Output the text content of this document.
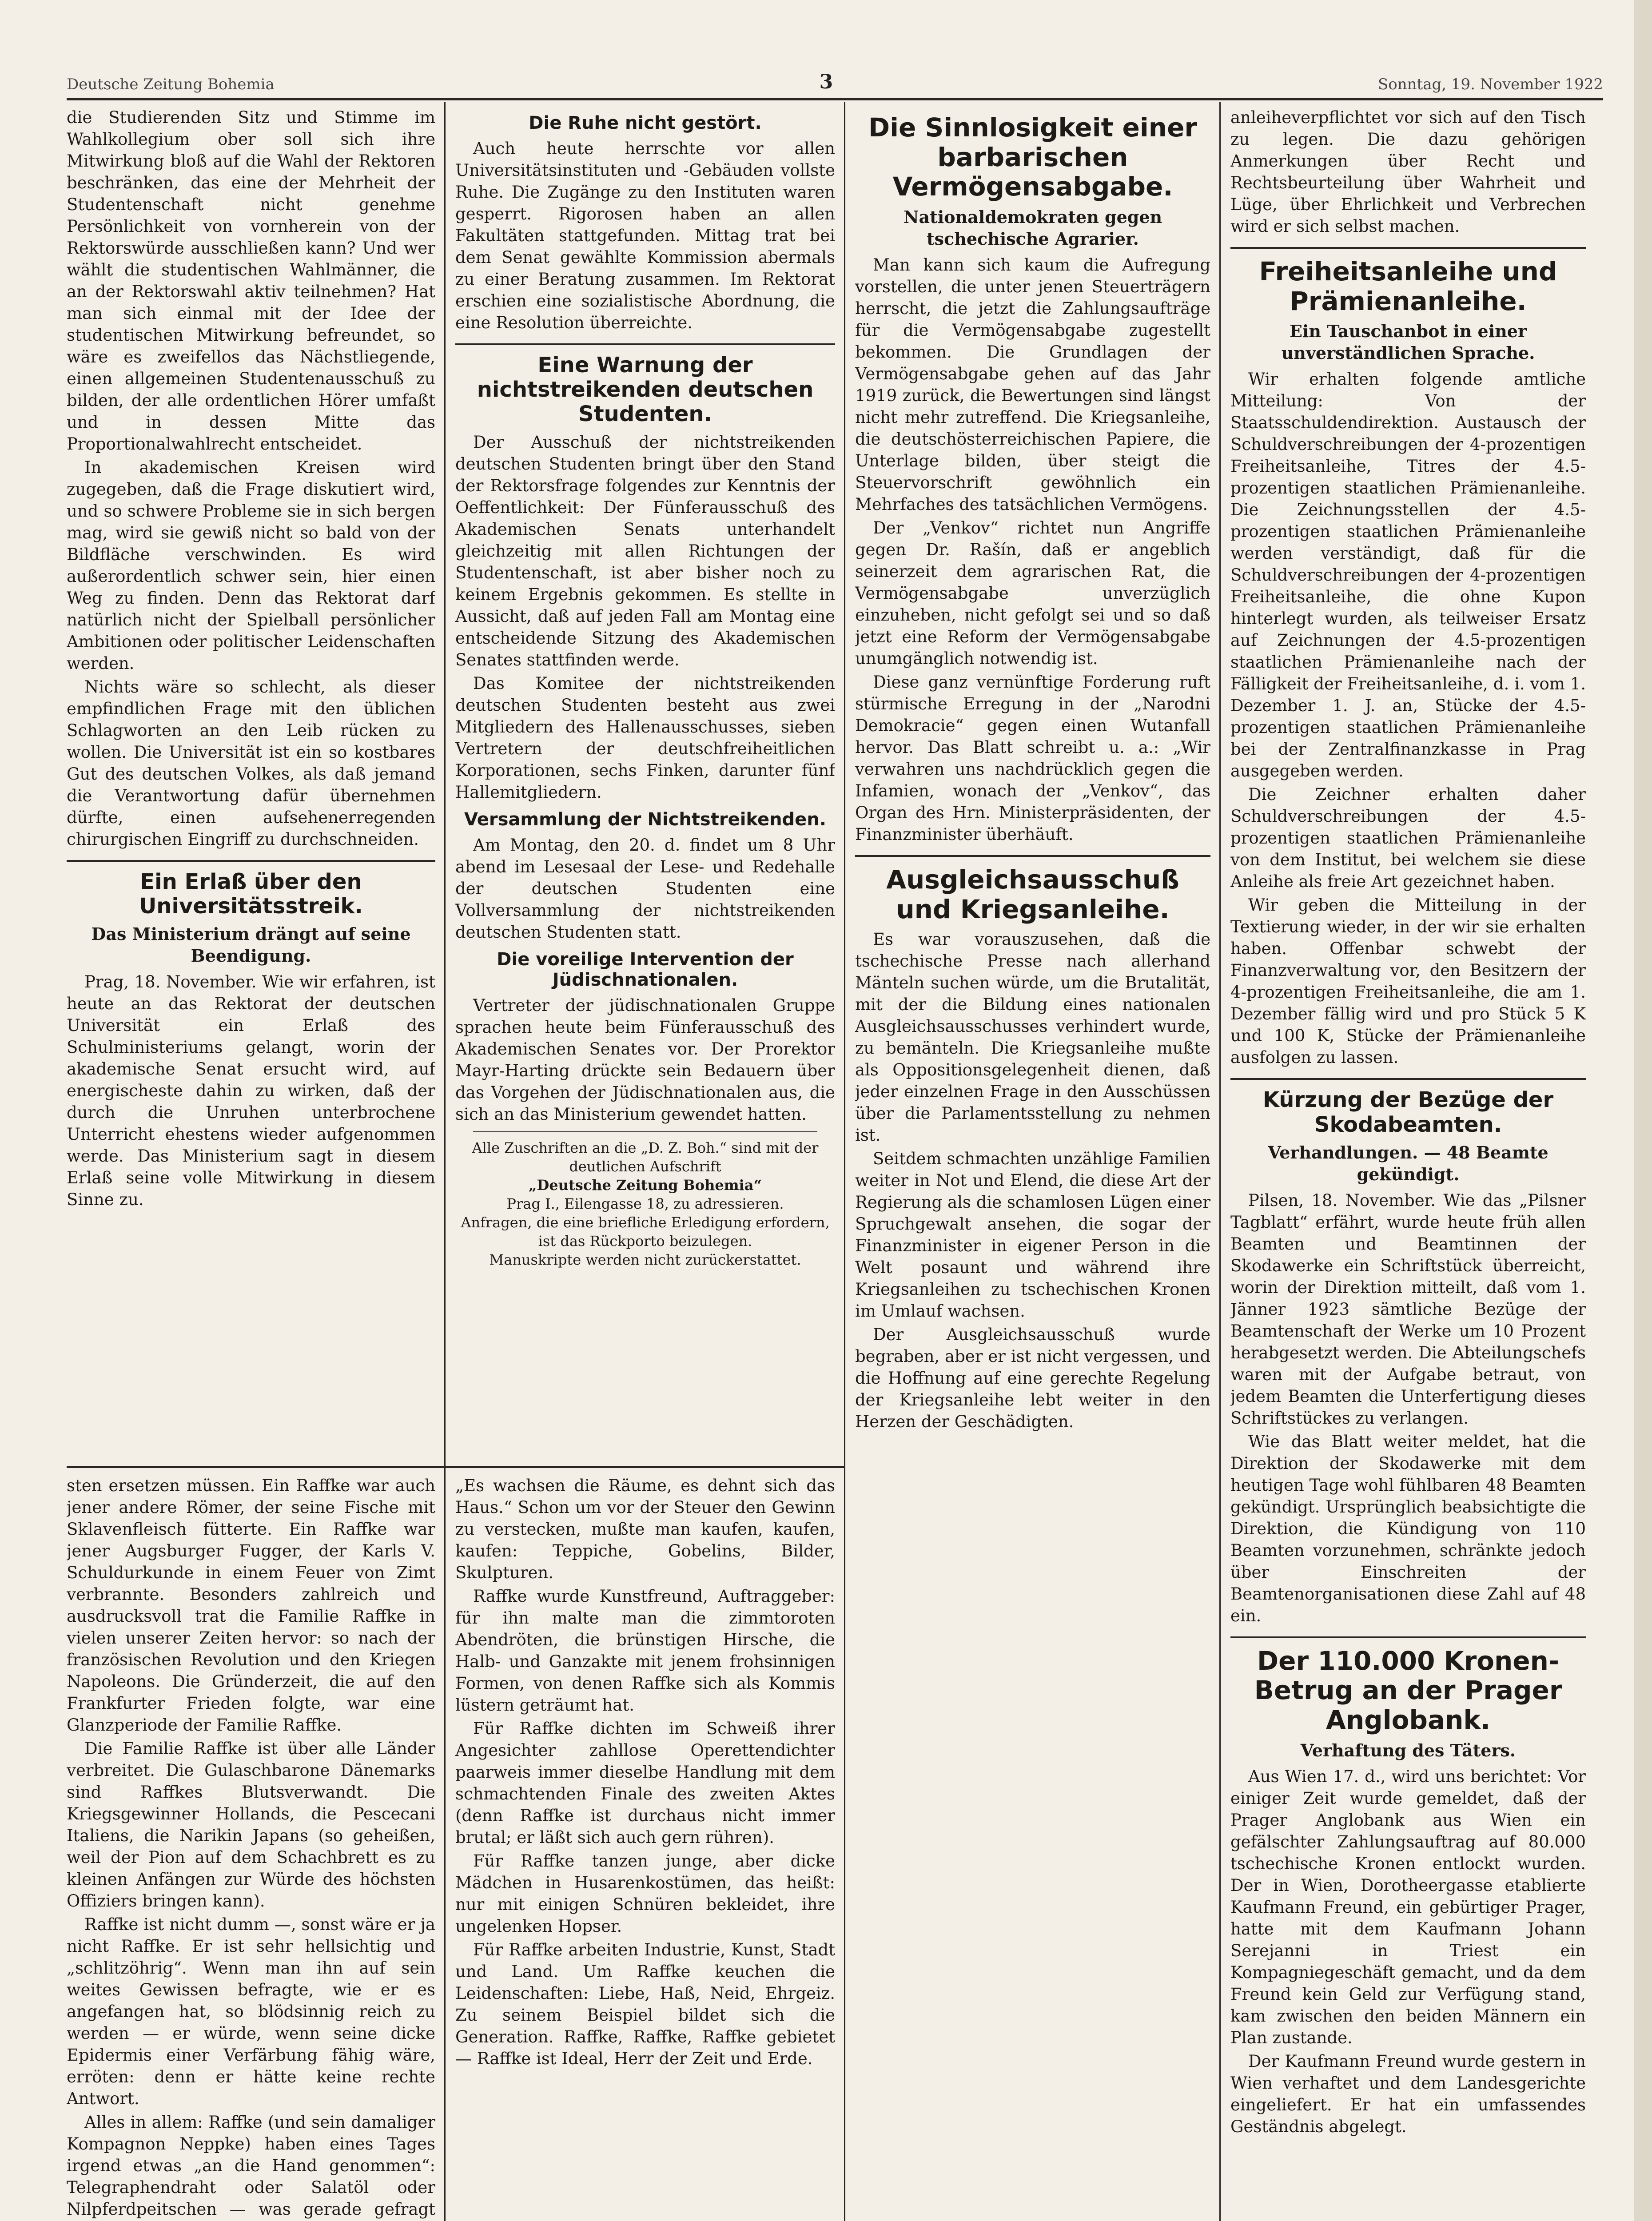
Deutsche Zeitung Bohemia	3	Sonntag, 19. November 1922

die Studierenden Sitz und Stimme im Wahlkollegium ober soll sich ihre Mitwirkung bloß auf die Wahl der Rektoren beschränken, das eine der Mehrheit der Studentenschaft nicht genehme Persönlichkeit von vornherein von der Rektorswürde ausschließen kann? Und wer wählt die studentischen Wahlmänner, die an der Rektorswahl aktiv teilnehmen? Hat man sich einmal mit der Idee der studentischen Mitwirkung befreundet, so wäre es zweifellos das Nächstliegende, einen allgemeinen Studentenausschuß zu bilden, der alle ordentlichen Hörer umfaßt und in dessen Mitte das Proportionalwahlrecht entscheidet.

In akademischen Kreisen wird zugegeben, daß die Frage diskutiert wird, und so schwere Probleme sie in sich bergen mag, wird sie gewiß nicht so bald von der Bildfläche verschwinden. Es wird außerordentlich schwer sein, hier einen Weg zu finden. Denn das Rektorat darf natürlich nicht der Spielball persönlicher Ambitionen oder politischer Leidenschaften werden.

Nichts wäre so schlecht, als dieser empfindlichen Frage mit den üblichen Schlagworten an den Leib rücken zu wollen. Die Universität ist ein so kostbares Gut des deutschen Volkes, als daß jemand die Verantwortung dafür übernehmen dürfte, einen aufsehenerregenden chirurgischen Eingriff zu durchschneiden.

Ein Erlaß über den Universitätsstreik.
Das Ministerium drängt auf seine Beendigung.

Prag, 18. November. Wie wir erfahren, ist heute an das Rektorat der deutschen Universität ein Erlaß des Schulministeriums gelangt, worin der akademische Senat ersucht wird, auf energischeste dahin zu wirken, daß der durch die Unruhen unterbrochene Unterricht ehestens wieder aufgenommen werde. Das Ministerium sagt in diesem Erlaß seine volle Mitwirkung in diesem Sinne zu.

sten ersetzen müssen. Ein Raffke war auch jener andere Römer, der seine Fische mit Sklavenfleisch fütterte. Ein Raffke war jener Augsburger Fugger, der Karls V. Schuldurkunde in einem Feuer von Zimt verbrannte. Besonders zahlreich und ausdrucksvoll trat die Familie Raffke in vielen unserer Zeiten hervor: so nach der französischen Revolution und den Kriegen Napoleons. Die Gründerzeit, die auf den Frankfurter Frieden folgte, war eine Glanzperiode der Familie Raffke.

Die Familie Raffke ist über alle Länder verbreitet. Die Gulaschbarone Dänemarks sind Raffkes Blutsverwandt. Die Kriegsgewinner Hollands, die Pescecani Italiens, die Narikin Japans (so geheißen, weil der Pion auf dem Schachbrett es zu kleinen Anfängen zur Würde des höchsten Offiziers bringen kann).

Raffke ist nicht dumm —, sonst wäre er ja nicht Raffke. Er ist sehr hellsichtig und „schlitzöhrig“. Wenn man ihn auf sein weites Gewissen befragte, wie er es angefangen hat, so blödsinnig reich zu werden — er würde, wenn seine dicke Epidermis einer Verfärbung fähig wäre, erröten: denn er hätte keine rechte Antwort.

Alles in allem: Raffke (und sein damaliger Kompagnon Neppke) haben eines Tages irgend etwas „an die Hand genommen“: Telegraphendraht oder Salatöl oder Nilpferdpeitschen — was gerade gefragt

Die Ruhe nicht gestört.

Auch heute herrschte vor allen Universitätsinstituten und -Gebäuden vollste Ruhe. Die Zugänge zu den Instituten waren gesperrt. Rigorosen haben an allen Fakultäten stattgefunden. Mittag trat bei dem Senat gewählte Kommission abermals zu einer Beratung zusammen. Im Rektorat erschien eine sozialistische Abordnung, die eine Resolution überreichte.

Eine Warnung der nichtstreikenden deutschen Studenten.

Der Ausschuß der nichtstreikenden deutschen Studenten bringt über den Stand der Rektorsfrage folgendes zur Kenntnis der Oeffentlichkeit: Der Fünferausschuß des Akademischen Senats unterhandelt gleichzeitig mit allen Richtungen der Studentenschaft, ist aber bisher noch zu keinem Ergebnis gekommen. Es stellte in Aussicht, daß auf jeden Fall am Montag eine entscheidende Sitzung des Akademischen Senates stattfinden werde.

Das Komitee der nichtstreikenden deutschen Studenten besteht aus zwei Mitgliedern des Hallenausschusses, sieben Vertretern der deutschfreiheitlichen Korporationen, sechs Finken, darunter fünf Hallemitgliedern.

Versammlung der Nichtstreikenden.

Am Montag, den 20. d. findet um 8 Uhr abend im Lesesaal der Lese- und Redehalle der deutschen Studenten eine Vollversammlung der nichtstreikenden deutschen Studenten statt.

Die voreilige Intervention der Jüdischnationalen.

Vertreter der jüdischnationalen Gruppe sprachen heute beim Fünferausschuß des Akademischen Senates vor. Der Prorektor Mayr-Harting drückte sein Bedauern über das Vorgehen der Jüdischnationalen aus, die sich an das Ministerium gewendet hatten.

Alle Zuschriften an die „D. Z. Boh.“ sind mit der deutlichen Aufschrift
„Deutsche Zeitung Bohemia“
Prag I., Eilengasse 18, zu adressieren.
Anfragen, die eine briefliche Erledigung erfordern, ist das Rückporto beizulegen.
Manuskripte werden nicht zurückerstattet.

„Es wachsen die Räume, es dehnt sich das Haus.“ Schon um vor der Steuer den Gewinn zu verstecken, mußte man kaufen, kaufen, kaufen: Teppiche, Gobelins, Bilder, Skulpturen.

Raffke wurde Kunstfreund, Auftraggeber: für ihn malte man die zimmtoroten Abendröten, die brünstigen Hirsche, die Halb- und Ganzakte mit jenem frohsinnigen Formen, von denen Raffke sich als Kommis lüstern geträumt hat.

Für Raffke dichten im Schweiß ihrer Angesichter zahllose Operettendichter paarweis immer dieselbe Handlung mit dem schmachtenden Finale des zweiten Aktes (denn Raffke ist durchaus nicht immer brutal; er läßt sich auch gern rühren).

Für Raffke tanzen junge, aber dicke Mädchen in Husarenkostümen, das heißt: nur mit einigen Schnüren bekleidet, ihre ungelenken Hopser.

Für Raffke arbeiten Industrie, Kunst, Stadt und Land. Um Raffke keuchen die Leidenschaften: Liebe, Haß, Neid, Ehrgeiz. Zu seinem Beispiel bildet sich die Generation. Raffke, Raffke, Raffke gebietet — Raffke ist Ideal, Herr der Zeit und Erde.

Die Sinnlosigkeit einer barbarischen Vermögensabgabe.
Nationaldemokraten gegen tschechische Agrarier.

Man kann sich kaum die Aufregung vorstellen, die unter jenen Steuerträgern herrscht, die jetzt die Zahlungsaufträge für die Vermögensabgabe zugestellt bekommen. Die Grundlagen der Vermögensabgabe gehen auf das Jahr 1919 zurück, die Bewertungen sind längst nicht mehr zutreffend. Die Kriegsanleihe, die deutschösterreichischen Papiere, die Unterlage bilden, über steigt die Steuervorschrift gewöhnlich ein Mehrfaches des tatsächlichen Vermögens.

Der „Venkov“ richtet nun Angriffe gegen Dr. Rašín, daß er angeblich seinerzeit dem agrarischen Rat, die Vermögensabgabe unverzüglich einzuheben, nicht gefolgt sei und so daß jetzt eine Reform der Vermögensabgabe unumgänglich notwendig ist.

Diese ganz vernünftige Forderung ruft stürmische Erregung in der „Narodni Demokracie“ gegen einen Wutanfall hervor. Das Blatt schreibt u. a.: „Wir verwahren uns nachdrücklich gegen die Infamien, wonach der „Venkov“, das Organ des Hrn. Ministerpräsidenten, der Finanzminister überhäuft.

Ausgleichsausschuß und Kriegsanleihe.

Es war vorauszusehen, daß die tschechische Presse nach allerhand Mänteln suchen würde, um die Brutalität, mit der die Bildung eines nationalen Ausgleichsausschusses verhindert wurde, zu bemänteln. Die Kriegsanleihe mußte als Oppositionsgelegenheit dienen, daß jeder einzelnen Frage in den Ausschüssen über die Parlamentsstellung zu nehmen ist.

Seitdem schmachten unzählige Familien weiter in Not und Elend, die diese Art der Regierung als die schamlosen Lügen einer Spruchgewalt ansehen, die sogar der Finanzminister in eigener Person in die Welt posaunt und während ihre Kriegsanleihen zu tschechischen Kronen im Umlauf wachsen.

Der Ausgleichsausschuß wurde begraben, aber er ist nicht vergessen, und die Hoffnung auf eine gerechte Regelung der Kriegsanleihe lebt weiter in den Herzen der Geschädigten.

anleiheverpflichtet vor sich auf den Tisch zu legen. Die dazu gehörigen Anmerkungen über Recht und Rechtsbeurteilung über Wahrheit und Lüge, über Ehrlichkeit und Verbrechen wird er sich selbst machen.

Freiheitsanleihe und Prämienanleihe.
Ein Tauschanbot in einer unverständlichen Sprache.

Wir erhalten folgende amtliche Mitteilung: Von der Staatsschuldendirektion. Austausch der Schuldverschreibungen der 4-prozentigen Freiheitsanleihe, Titres der 4.5-prozentigen staatlichen Prämienanleihe. Die Zeichnungsstellen der 4.5-prozentigen staatlichen Prämienanleihe werden verständigt, daß für die Schuldverschreibungen der 4-prozentigen Freiheitsanleihe, die ohne Kupon hinterlegt wurden, als teilweiser Ersatz auf Zeichnungen der 4.5-prozentigen staatlichen Prämienanleihe nach der Fälligkeit der Freiheitsanleihe, d. i. vom 1. Dezember 1. J. an, Stücke der 4.5-prozentigen staatlichen Prämienanleihe bei der Zentralfinanzkasse in Prag ausgegeben werden.

Die Zeichner erhalten daher Schuldverschreibungen der 4.5-prozentigen staatlichen Prämienanleihe von dem Institut, bei welchem sie diese Anleihe als freie Art gezeichnet haben.

Wir geben die Mitteilung in der Textierung wieder, in der wir sie erhalten haben. Offenbar schwebt der Finanzverwaltung vor, den Besitzern der 4-prozentigen Freiheitsanleihe, die am 1. Dezember fällig wird und pro Stück 5 K und 100 K, Stücke der Prämienanleihe ausfolgen zu lassen.

Kürzung der Bezüge der Skodabeamten.
Verhandlungen. — 48 Beamte gekündigt.

Pilsen, 18. November. Wie das „Pilsner Tagblatt“ erfährt, wurde heute früh allen Beamten und Beamtinnen der Skodawerke ein Schriftstück überreicht, worin der Direktion mitteilt, daß vom 1. Jänner 1923 sämtliche Bezüge der Beamtenschaft der Werke um 10 Prozent herabgesetzt werden. Die Abteilungschefs waren mit der Aufgabe betraut, von jedem Beamten die Unterfertigung dieses Schriftstückes zu verlangen.

Wie das Blatt weiter meldet, hat die Direktion der Skodawerke mit dem heutigen Tage wohl fühlbaren 48 Beamten gekündigt. Ursprünglich beabsichtigte die Direktion, die Kündigung von 110 Beamten vorzunehmen, schränkte jedoch über Einschreiten der Beamtenorganisationen diese Zahl auf 48 ein.

Der 110.000 Kronen-Betrug an der Prager Anglobank.
Verhaftung des Täters.

Aus Wien 17. d., wird uns berichtet: Vor einiger Zeit wurde gemeldet, daß der Prager Anglobank aus Wien ein gefälschter Zahlungsauftrag auf 80.000 tschechische Kronen entlockt wurden. Der in Wien, Dorotheergasse etablierte Kaufmann Freund, ein gebürtiger Prager, hatte mit dem Kaufmann Johann Serejanni in Triest ein Kompagniegeschäft gemacht, und da dem Freund kein Geld zur Verfügung stand, kam zwischen den beiden Männern ein Plan zustande.

Der Kaufmann Freund wurde gestern in Wien verhaftet und dem Landesgerichte eingeliefert. Er hat ein umfassendes Geständnis abgelegt.
